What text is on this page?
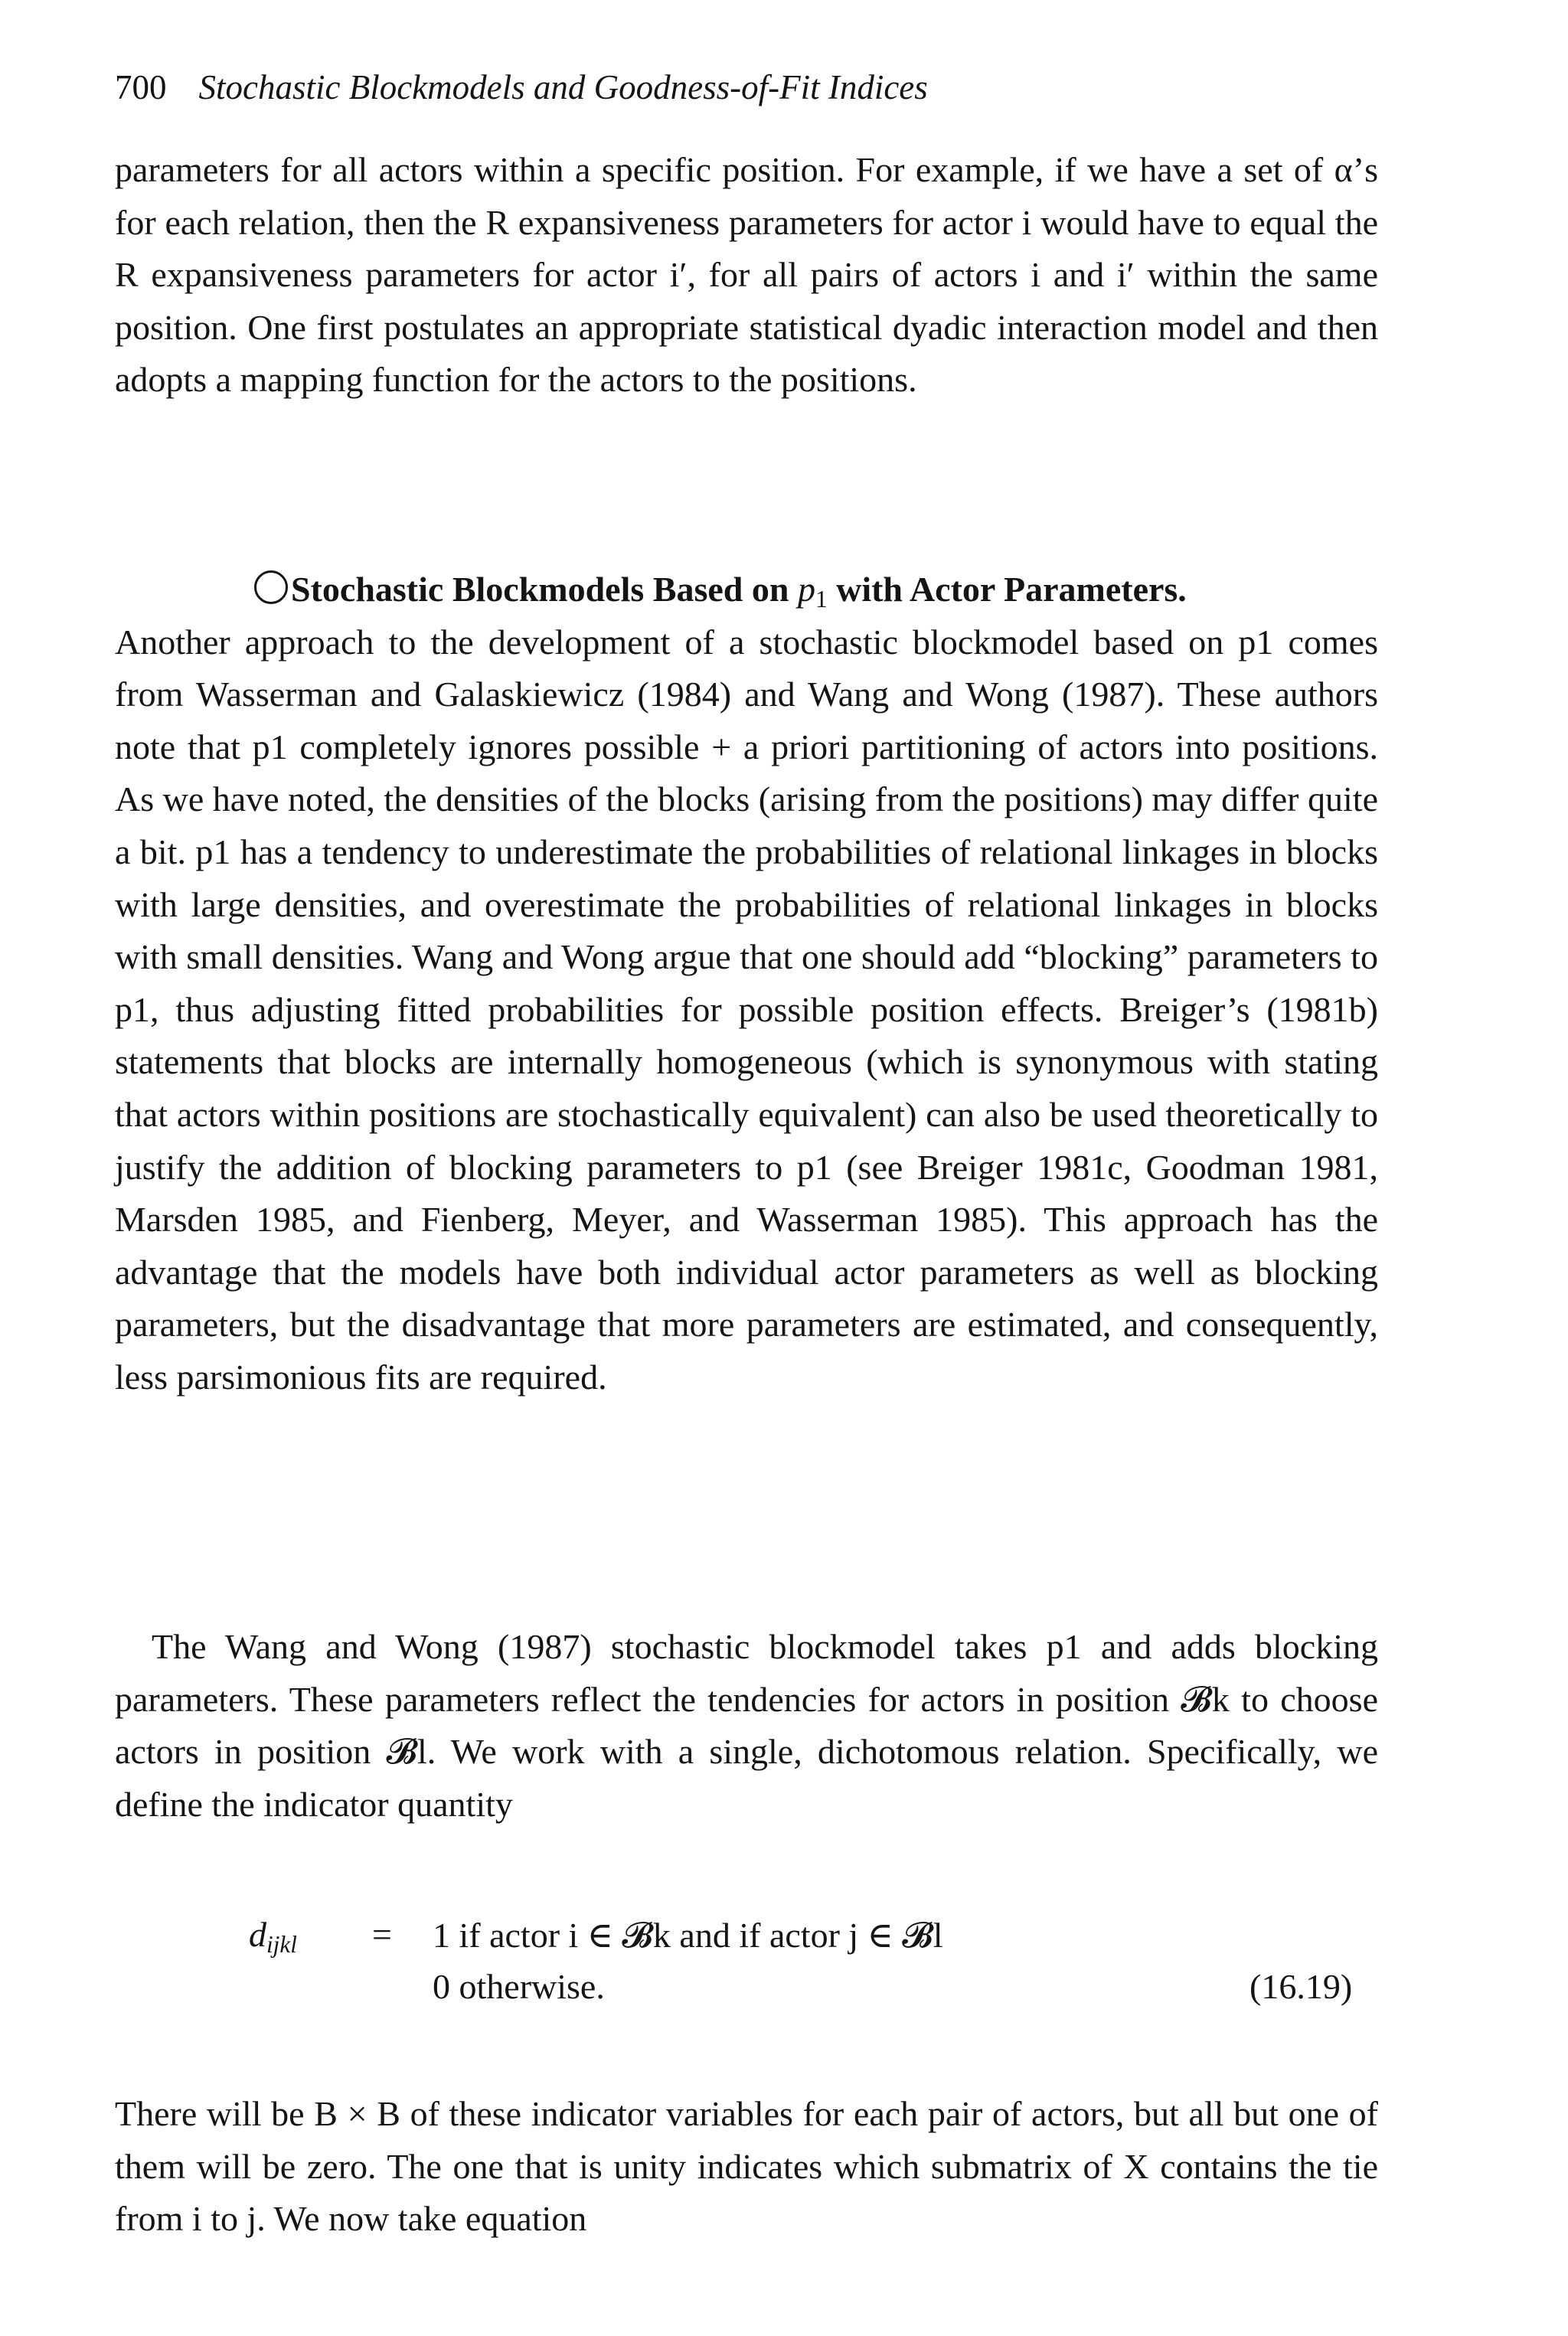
700 Stochastic Blockmodels and Goodness-of-Fit Indices

parameters for all actors within a specific position. For example, if we have a set of α’s for each relation, then the R expansiveness parameters for actor i would have to equal the R expansiveness parameters for actor i′, for all pairs of actors i and i′ within the same position. One first postulates an appropriate statistical dyadic interaction model and then adopts a mapping function for the actors to the positions.

Stochastic Blockmodels Based on $p_1$ with Actor Parameters.
Another approach to the development of a stochastic blockmodel based on p1 comes from Wasserman and Galaskiewicz (1984) and Wang and Wong (1987). These authors note that p1 completely ignores possible + a priori partitioning of actors into positions. As we have noted, the densities of the blocks (arising from the positions) may differ quite a bit. p1 has a tendency to underestimate the probabilities of relational linkages in blocks with large densities, and overestimate the probabilities of relational linkages in blocks with small densities. Wang and Wong argue that one should add “blocking” parameters to p1, thus adjusting fitted probabilities for possible position effects. Breiger’s (1981b) statements that blocks are internally homogeneous (which is synonymous with stating that actors within positions are stochastically equivalent) can also be used theoretically to justify the addition of blocking parameters to p1 (see Breiger 1981c, Goodman 1981, Marsden 1985, and Fienberg, Meyer, and Wasserman 1985). This approach has the advantage that the models have both individual actor parameters as well as blocking parameters, but the disadvantage that more parameters are estimated, and consequently, less parsimonious fits are required.

The Wang and Wong (1987) stochastic blockmodel takes p1 and adds blocking parameters. These parameters reflect the tendencies for actors in position 𝓑k to choose actors in position 𝓑l. We work with a single, dichotomous relation. Specifically, we define the indicator quantity

$d_{ijkl} = 1$ if actor i ∈ 𝓑k and if actor j ∈ 𝓑l
0 otherwise.	(16.19)

There will be B × B of these indicator variables for each pair of actors, but all but one of them will be zero. The one that is unity indicates which submatrix of X contains the tie from i to j. We now take equation
